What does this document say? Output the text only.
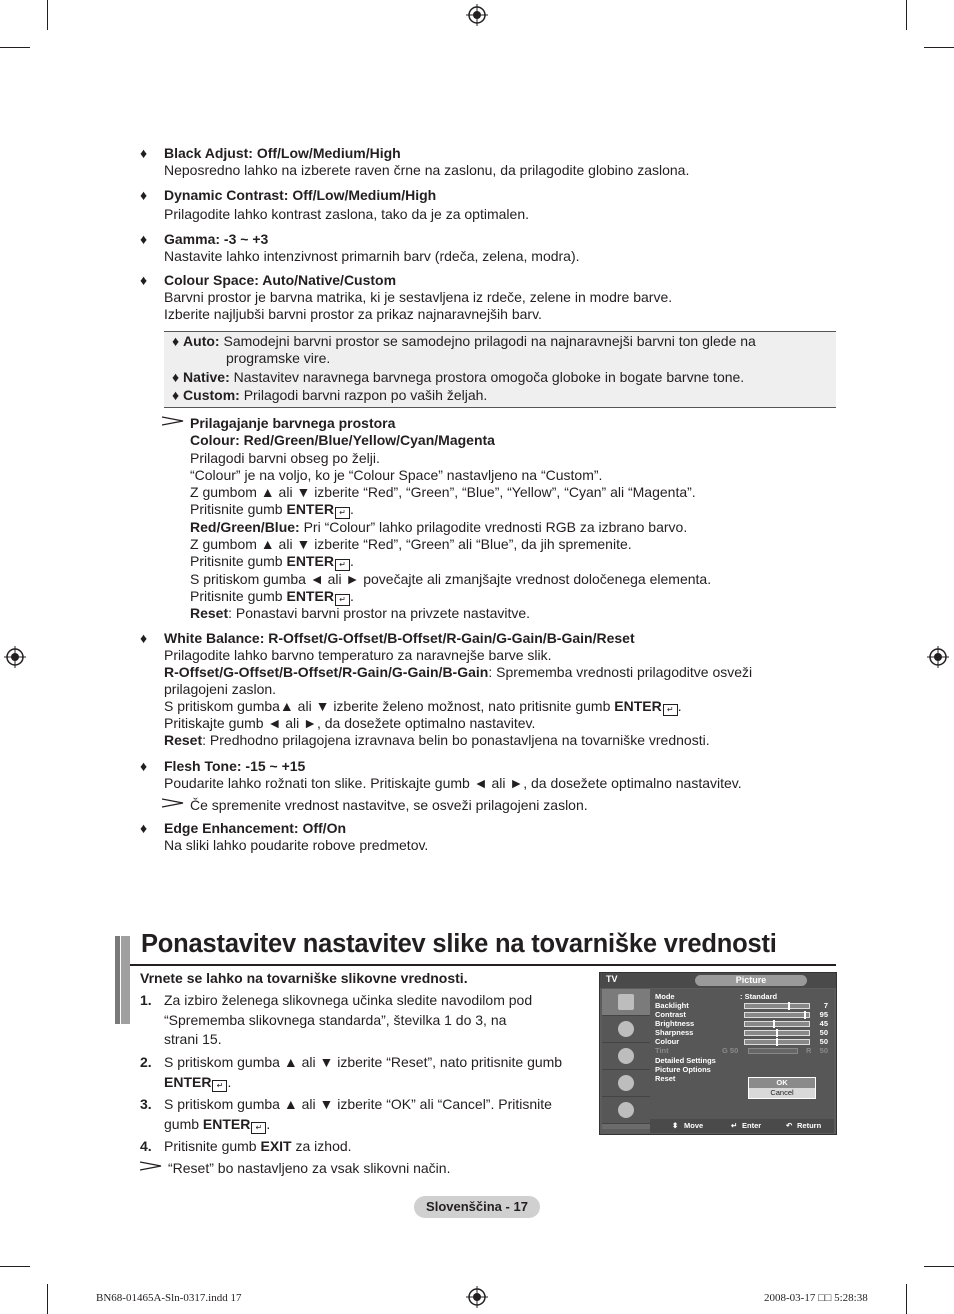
♦	Black Adjust: Off/Low/Medium/High
Neposredno lahko na izberete raven črne na zaslonu, da prilagodite globino zaslona.
♦	Dynamic Contrast: Off/Low/Medium/High
Prilagodite lahko kontrast zaslona, tako da je za optimalen.
♦	Gamma: -3 ~ +3
Nastavite lahko intenzivnost primarnih barv (rdeča, zelena, modra).
♦	Colour Space: Auto/Native/Custom
Barvni prostor je barvna matrika, ki je sestavljena iz rdeče, zelene in modre barve.
Izberite najljubši barvni prostor za prikaz najnaravnejših barv.
♦ Auto: Samodejni barvni prostor se samodejno prilagodi na najnaravnejši barvni ton glede na
programske vire.
♦ Native: Nastavitev naravnega barvnega prostora omogoča globoke in bogate barvne tone.
♦ Custom: Prilagodi barvni razpon po vaših željah.
Prilagajanje barvnega prostora
Colour: Red/Green/Blue/Yellow/Cyan/Magenta
Prilagodi barvni obseg po želji.
“Colour” je na voljo, ko je “Colour Space” nastavljeno na “Custom”.
Z gumbom ▲ ali ▼ izberite “Red”, “Green”, “Blue”, “Yellow”, “Cyan” ali “Magenta”.
Pritisnite gumb ENTER ↵ .
Red/Green/Blue: Pri “Colour” lahko prilagodite vrednosti RGB za izbrano barvo.
Z gumbom ▲ ali ▼ izberite “Red”, “Green” ali “Blue”, da jih spremenite.
Pritisnite gumb ENTER ↵ .
S pritiskom gumba ◄ ali ► povečajte ali zmanjšajte vrednost določenega elementa.
Pritisnite gumb ENTER ↵ .
Reset: Ponastavi barvni prostor na privzete nastavitve.
♦	White Balance: R-Offset/G-Offset/B-Offset/R-Gain/G-Gain/B-Gain/Reset
Prilagodite lahko barvno temperaturo za naravnejše barve slik.
R-Offset/G-Offset/B-Offset/R-Gain/G-Gain/B-Gain: Sprememba vrednosti prilagoditve osveži
prilagojeni zaslon.
S pritiskom gumba▲ ali ▼ izberite želeno možnost, nato pritisnite gumb ENTER ↵ .
Pritiskajte gumb ◄ ali ►, da dosežete optimalno nastavitev.
Reset: Predhodno prilagojena izravnava belin bo ponastavljena na tovarniške vrednosti.
♦	Flesh Tone: -15 ~ +15
Poudarite lahko rožnati ton slike. Pritiskajte gumb ◄ ali ►, da dosežete optimalno nastavitev.
Če spremenite vrednost nastavitve, se osveži prilagojeni zaslon.
♦	Edge Enhancement: Off/On
Na sliki lahko poudarite robove predmetov.
Ponastavitev nastavitev slike na tovarniške vrednosti
Vrnete se lahko na tovarniške slikovne vrednosti.
1. Za izbiro želenega slikovnega učinka sledite navodilom pod “Sprememba slikovnega standarda”, številka 1 do 3, na strani 15.
2. S pritiskom gumba ▲ ali ▼ izberite “Reset”, nato pritisnite gumb
ENTER ↵ .
3. S pritiskom gumba ▲ ali ▼ izberite “OK” ali “Cancel”. Pritisnite gumb ENTER ↵ .
4. Pritisnite gumb EXIT za izhod.
“Reset” bo nastavljeno za vsak slikovni način.
TV	Picture
Mode	: Standard
Backlight	7
Contrast	95
Brightness	45
Sharpness	50
Colour	50
Tint	G 50	R 50
Detailed Settings
Picture Options
Reset	OK
Cancel
⬍ Move	↵ Enter	↶ Return
Slovenščina - 17
BN68-01465A-Sln-0317.indd 17	2008-03-17 □□ 5:28:38
